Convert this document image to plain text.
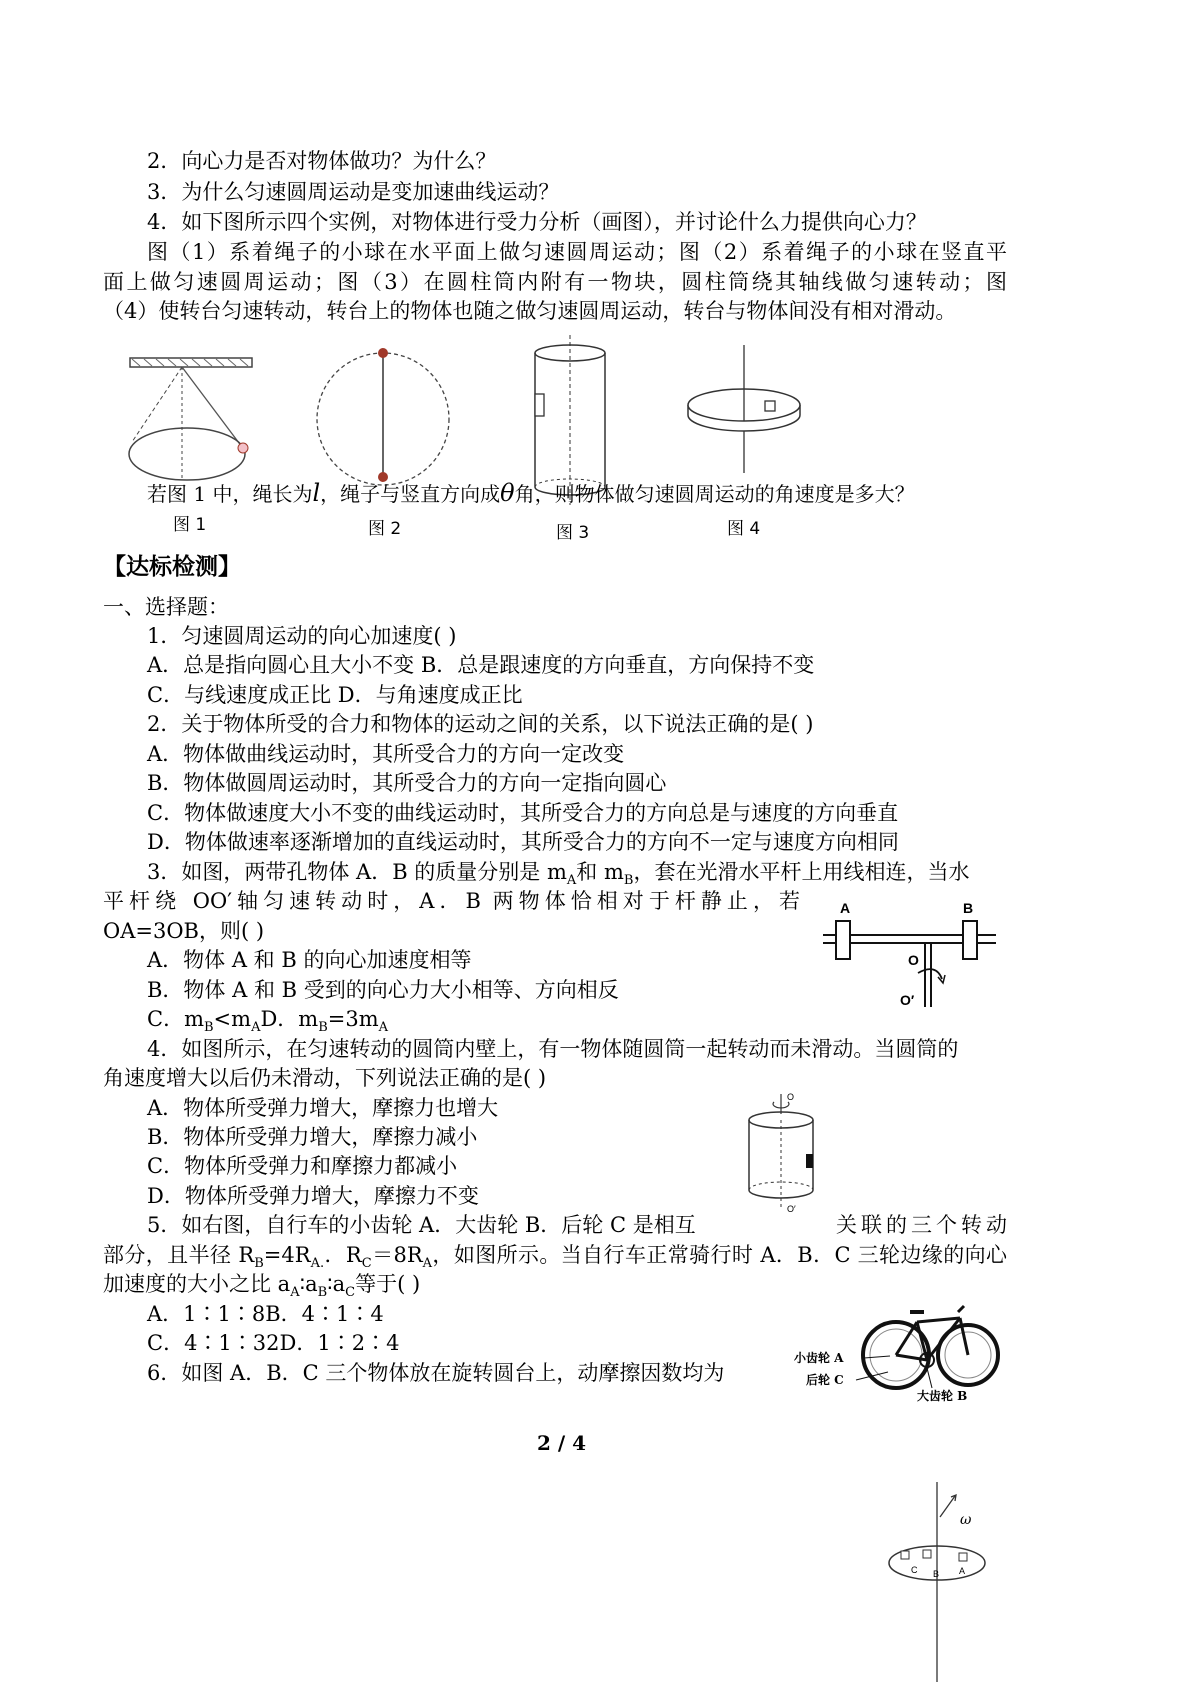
2．向心力是否对物体做功？为什么？
3．为什么匀速圆周运动是变加速曲线运动？
4．如下图所示四个实例，对物体进行受力分析（画图），并讨论什么力提供向心力？
图（1）系着绳子的小球在水平面上做匀速圆周运动；图（2）系着绳子的小球在竖直平
面上做匀速圆周运动；图（3）在圆柱筒内附有一物块，圆柱筒绕其轴线做匀速转动；图
（4）使转台匀速转动，转台上的物体也随之做匀速圆周运动，转台与物体间没有相对滑动。
若图 1 中，绳长为l，绳子与竖直方向成θ角，则物体做匀速圆周运动的角速度是多大？
图 1	图 2	图 3	图 4
【达标检测】
一、选择题：
1．匀速圆周运动的向心加速度( )
A．总是指向圆心且大小不变 B．总是跟速度的方向垂直，方向保持不变
C．与线速度成正比 D．与角速度成正比
2．关于物体所受的合力和物体的运动之间的关系，以下说法正确的是( )
A．物体做曲线运动时，其所受合力的方向一定改变
B．物体做圆周运动时，其所受合力的方向一定指向圆心
C．物体做速度大小不变的曲线运动时，其所受合力的方向总是与速度的方向垂直
D．物体做速率逐渐增加的直线运动时，其所受合力的方向不一定与速度方向相同
3．如图，两带孔物体 A．B 的质量分别是 $m_A$和 $m_B$，套在光滑水平杆上用线相连，当水
平杆绕 OO′轴匀速转动时，A．B 两物体恰相对于杆静止，若
OA=3OB，则( )
A．物体 A 和 B 的向心加速度相等
B．物体 A 和 B 受到的向心力大小相等、方向相反
C．$m_B<m_AD$．$m_B=3m_A$
A	B
O
O′
4．如图所示，在匀速转动的圆筒内壁上，有一物体随圆筒一起转动而未滑动。当圆筒的
角速度增大以后仍未滑动，下列说法正确的是( )
A．物体所受弹力增大，摩擦力也增大
B．物体所受弹力增大，摩擦力减小
C．物体所受弹力和摩擦力都减小
D．物体所受弹力增大，摩擦力不变
O
O′
5．如右图，自行车的小齿轮 A．大齿轮 B．后轮 C 是相互	关联的三个转动
部分，且半径 $R_B=4R_{A.}$．$R_C=8R_A$，如图所示。当自行车正常骑行时 A．B．C 三轮边缘的向心
加速度的大小之比 $a_A∶a_B∶a_C$等于( )
A．1∶1∶8B．4∶1∶4
C．4∶1∶32D．1∶2∶4
小齿轮 A
后轮 C
大齿轮 B
6．如图 A．B．C 三个物体放在旋转圆台上，动摩擦因数均为
2 / 4
ω
C B A
